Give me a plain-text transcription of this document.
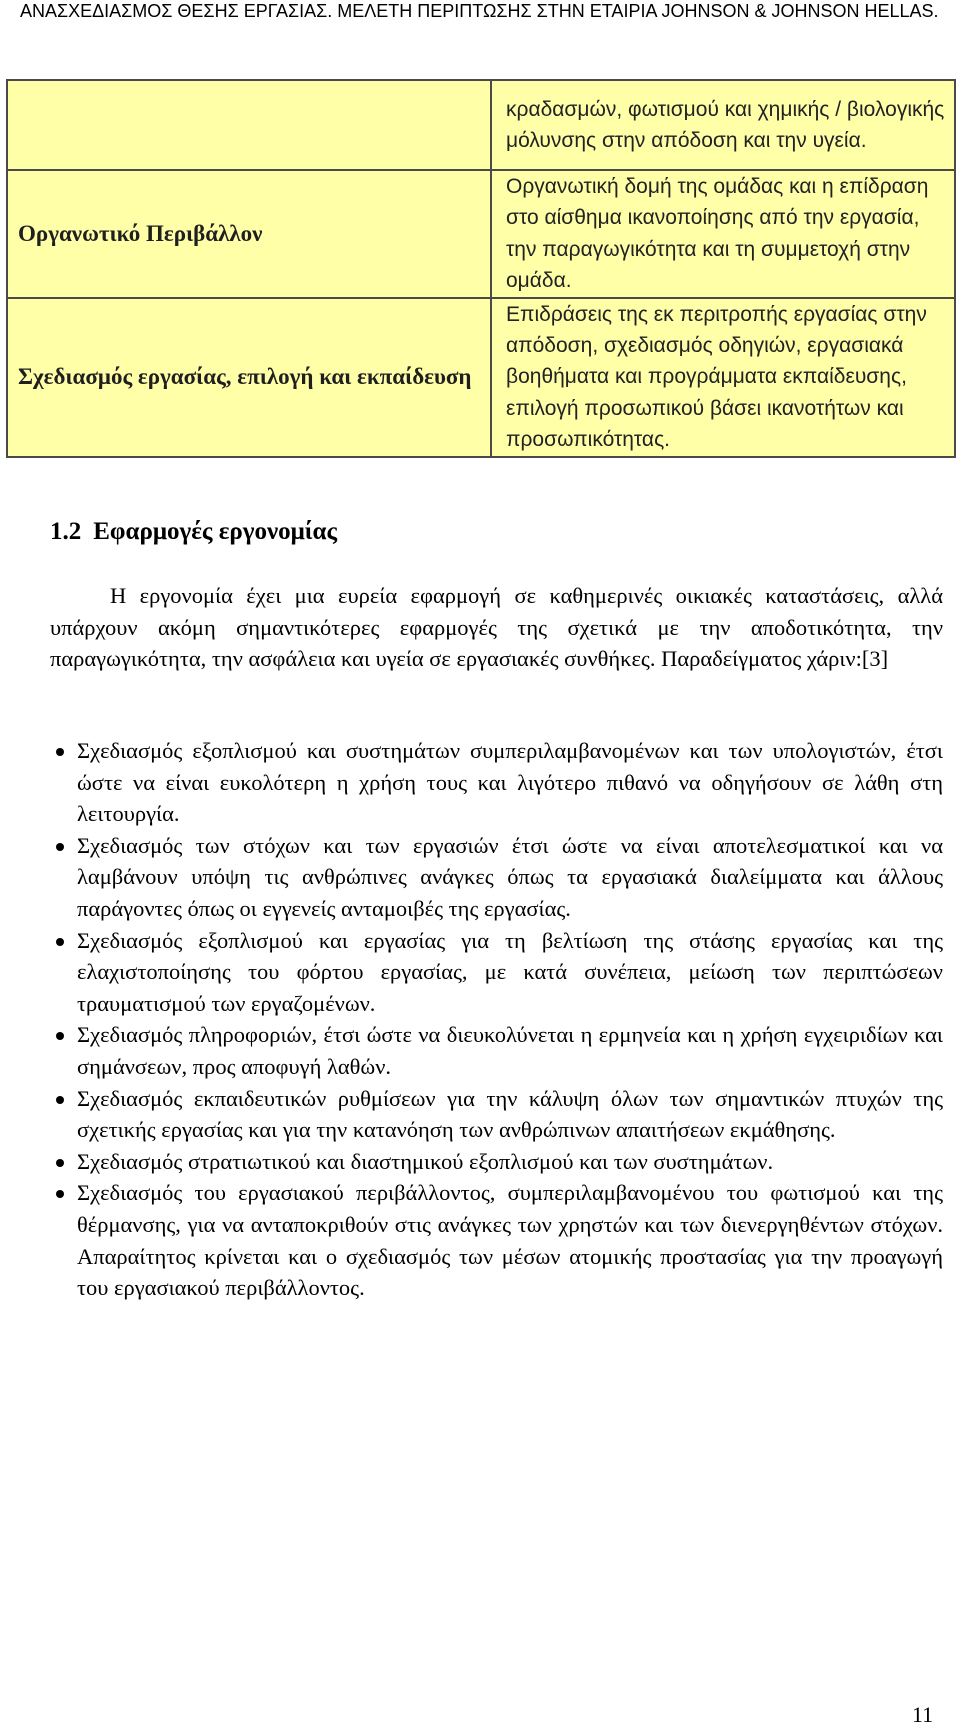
ΑΝΑΣΧΕΔΙΑΣΜΟΣ ΘΕΣΗΣ ΕΡΓΑΣΙΑΣ. ΜΕΛΕΤΗ ΠΕΡΙΠΤΩΣΗΣ ΣΤΗΝ ΕΤΑΙΡΙΑ JOHNSON & JOHNSON HELLAS.

	κραδασμών, φωτισμού και χημικής / βιολογικής μόλυνσης στην απόδοση και την υγεία.

Οργανωτικό Περιβάλλον	Οργανωτική δομή της ομάδας και η επίδραση στο αίσθημα ικανοποίησης από την εργασία, την παραγωγικότητα και τη συμμετοχή στην ομάδα.

Σχεδιασμός εργασίας, επιλογή και εκπαίδευση	Επιδράσεις της εκ περιτροπής εργασίας στην απόδοση, σχεδιασμός οδηγιών, εργασιακά βοηθήματα και προγράμματα εκπαίδευσης, επιλογή προσωπικού βάσει ικανοτήτων και προσωπικότητας.
1.2 Εφαρμογές εργονομίας

Η εργονομία έχει μια ευρεία εφαρμογή σε καθημερινές οικιακές καταστάσεις, αλλά υπάρχουν ακόμη σημαντικότερες εφαρμογές της σχετικά με την αποδοτικότητα, την παραγωγικότητα, την ασφάλεια και υγεία σε εργασιακές συνθήκες. Παραδείγματος χάριν:[3]

Σχεδιασμός εξοπλισμού και συστημάτων συμπεριλαμβανομένων και των υπολογιστών, έτσι ώστε να είναι ευκολότερη η χρήση τους και λιγότερο πιθανό να οδηγήσουν σε λάθη στη λειτουργία.
Σχεδιασμός των στόχων και των εργασιών έτσι ώστε να είναι αποτελεσματικοί και να λαμβάνουν υπόψη τις ανθρώπινες ανάγκες όπως τα εργασιακά διαλείμματα και άλλους παράγοντες όπως οι εγγενείς ανταμοιβές της εργασίας.
Σχεδιασμός εξοπλισμού και εργασίας για τη βελτίωση της στάσης εργασίας και της ελαχιστοποίησης του φόρτου εργασίας, με κατά συνέπεια, μείωση των περιπτώσεων τραυματισμού των εργαζομένων.
Σχεδιασμός πληροφοριών, έτσι ώστε να διευκολύνεται η ερμηνεία και η χρήση εγχειριδίων και σημάνσεων, προς αποφυγή λαθών.
Σχεδιασμός εκπαιδευτικών ρυθμίσεων για την κάλυψη όλων των σημαντικών πτυχών της σχετικής εργασίας και για την κατανόηση των ανθρώπινων απαιτήσεων εκμάθησης.
Σχεδιασμός στρατιωτικού και διαστημικού εξοπλισμού και των συστημάτων.
Σχεδιασμός του εργασιακού περιβάλλοντος, συμπεριλαμβανομένου του φωτισμού και της θέρμανσης, για να ανταποκριθούν στις ανάγκες των χρηστών και των διενεργηθέντων στόχων. Απαραίτητος κρίνεται και ο σχεδιασμός των μέσων ατομικής προστασίας για την προαγωγή του εργασιακού περιβάλλοντος.
11
